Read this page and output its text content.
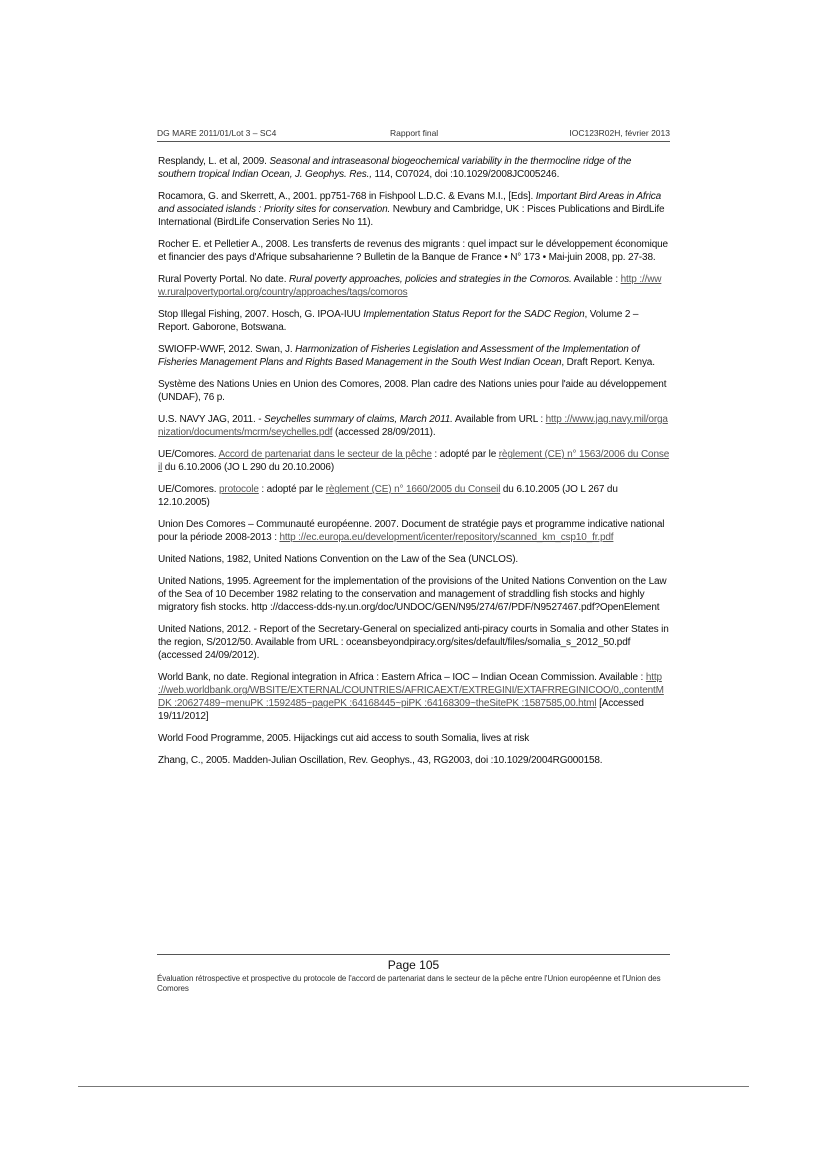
DG MARE 2011/01/Lot 3 – SC4	Rapport final	IOC123R02H, février 2013

Resplandy, L. et al, 2009. Seasonal and intraseasonal biogeochemical variability in the thermocline ridge of the southern tropical Indian Ocean, J. Geophys. Res., 114, C07024, doi :10.1029/2008JC005246.

Rocamora, G. and Skerrett, A., 2001. pp751-768 in Fishpool L.D.C. & Evans M.I., [Eds]. Important Bird Areas in Africa and associated islands : Priority sites for conservation. Newbury and Cambridge, UK : Pisces Publications and BirdLife International (BirdLife Conservation Series No 11).

Rocher E. et Pelletier A., 2008. Les transferts de revenus des migrants : quel impact sur le développement économique et financier des pays d'Afrique subsaharienne ? Bulletin de la Banque de France • N° 173 • Mai-juin 2008, pp. 27-38.

Rural Poverty Portal. No date. Rural poverty approaches, policies and strategies in the Comoros. Available : http ://www.ruralpovertyportal.org/country/approaches/tags/comoros

Stop Illegal Fishing, 2007. Hosch, G. IPOA-IUU Implementation Status Report for the SADC Region, Volume 2 – Report. Gaborone, Botswana.

SWIOFP-WWF, 2012. Swan, J. Harmonization of Fisheries Legislation and Assessment of the Implementation of Fisheries Management Plans and Rights Based Management in the South West Indian Ocean, Draft Report. Kenya.

Système des Nations Unies en Union des Comores, 2008. Plan cadre des Nations unies pour l'aide au développement (UNDAF), 76 p.

U.S. NAVY JAG, 2011. - Seychelles summary of claims, March 2011. Available from URL : http ://www.jag.navy.mil/organization/documents/mcrm/seychelles.pdf (accessed 28/09/2011).

UE/Comores. Accord de partenariat dans le secteur de la pêche : adopté par le règlement (CE) n° 1563/2006 du Conseil du 6.10.2006 (JO L 290 du 20.10.2006)

UE/Comores. protocole : adopté par le règlement (CE) n° 1660/2005 du Conseil du 6.10.2005 (JO L 267 du 12.10.2005)

Union Des Comores – Communauté européenne. 2007. Document de stratégie pays et programme indicative national pour la période 2008-2013 : http ://ec.europa.eu/development/icenter/repository/scanned_km_csp10_fr.pdf

United Nations, 1982, United Nations Convention on the Law of the Sea (UNCLOS).

United Nations, 1995. Agreement for the implementation of the provisions of the United Nations Convention on the Law of the Sea of 10 December 1982 relating to the conservation and management of straddling fish stocks and highly migratory fish stocks. http ://daccess-dds-ny.un.org/doc/UNDOC/GEN/N95/274/67/PDF/N9527467.pdf?OpenElement

United Nations, 2012. - Report of the Secretary-General on specialized anti-piracy courts in Somalia and other States in the region, S/2012/50. Available from URL : oceansbeyondpiracy.org/sites/default/files/somalia_s_2012_50.pdf (accessed 24/09/2012).

World Bank, no date. Regional integration in Africa : Eastern Africa – IOC – Indian Ocean Commission. Available : http ://web.worldbank.org/WBSITE/EXTERNAL/COUNTRIES/AFRICAEXT/EXTREGINI/EXTAFRREGINICOO/0,,contentMDK :20627489~menuPK :1592485~pagePK :64168445~piPK :64168309~theSitePK :1587585,00.html [Accessed 19/11/2012]

World Food Programme, 2005. Hijackings cut aid access to south Somalia, lives at risk

Zhang, C., 2005. Madden-Julian Oscillation, Rev. Geophys., 43, RG2003, doi :10.1029/2004RG000158.

Page 105
Évaluation rétrospective et prospective du protocole de l'accord de partenariat dans le secteur de la pêche entre l'Union européenne et l'Union des Comores
